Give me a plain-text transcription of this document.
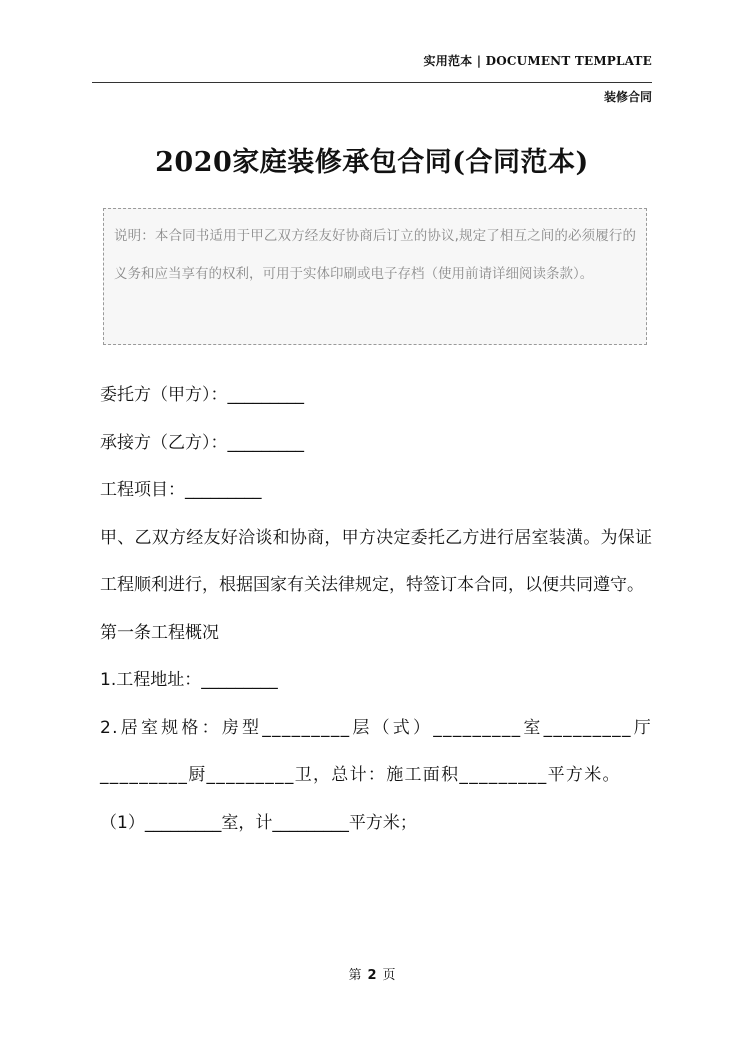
实用范本 | DOCUMENT TEMPLATE
装修合同
2020家庭装修承包合同(合同范本)
说明：本合同书适用于甲乙双方经友好协商后订立的协议,规定了相互之间的必须履行的义务和应当享有的权利，可用于实体印刷或电子存档（使用前请详细阅读条款）。

委托方（甲方）：_________

承接方（乙方）：_________

工程项目：_________

甲、乙双方经友好洽谈和协商，甲方决定委托乙方进行居室装潢。为保证工程顺利进行，根据国家有关法律规定，特签订本合同，以便共同遵守。

第一条工程概况

1.工程地址：_________

2.居室规格：房型_________层（式）_________室_________厅_________厨_________卫，总计：施工面积_________平方米。

（1）_________室，计_________平方米；

第 2 页
